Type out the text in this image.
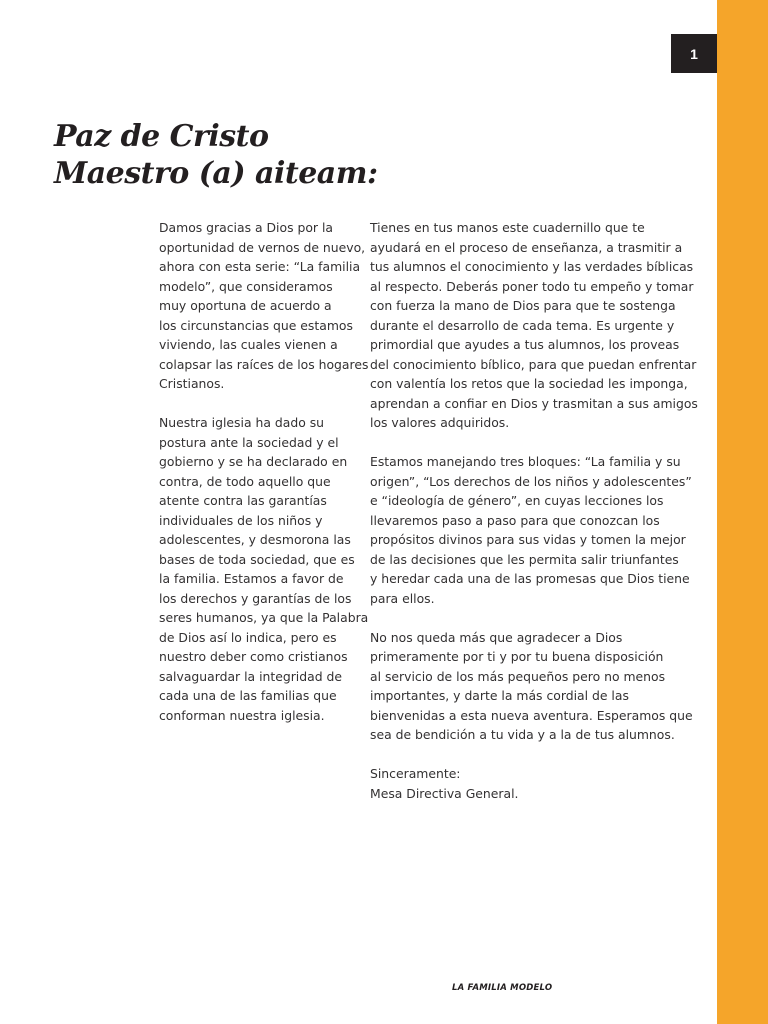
1
Paz de Cristo
Maestro (a) aiteam:

Damos gracias a Dios por la
oportunidad de vernos de nuevo,
ahora con esta serie: “La familia
modelo”, que consideramos
muy oportuna de acuerdo a
los circunstancias que estamos
viviendo, las cuales vienen a
colapsar las raíces de los hogares
Cristianos.

Nuestra iglesia ha dado su
postura ante la sociedad y el
gobierno y se ha declarado en
contra, de todo aquello que
atente contra las garantías
individuales de los niños y
adolescentes, y desmorona las
bases de toda sociedad, que es
la familia. Estamos a favor de
los derechos y garantías de los
seres humanos, ya que la Palabra
de Dios así lo indica, pero es
nuestro deber como cristianos
salvaguardar la integridad de
cada una de las familias que
conforman nuestra iglesia.

Tienes en tus manos este cuadernillo que te
ayudará en el proceso de enseñanza, a trasmitir a
tus alumnos el conocimiento y las verdades bíblicas
al respecto. Deberás poner todo tu empeño y tomar
con fuerza la mano de Dios para que te sostenga
durante el desarrollo de cada tema. Es urgente y
primordial que ayudes a tus alumnos, los proveas
del conocimiento bíblico, para que puedan enfrentar
con valentía los retos que la sociedad les imponga,
aprendan a confiar en Dios y trasmitan a sus amigos
los valores adquiridos.

Estamos manejando tres bloques: “La familia y su
origen”, “Los derechos de los niños y adolescentes”
e “ideología de género”, en cuyas lecciones los
llevaremos paso a paso para que conozcan los
propósitos divinos para sus vidas y tomen la mejor
de las decisiones que les permita salir triunfantes
y heredar cada una de las promesas que Dios tiene
para ellos.

No nos queda más que agradecer a Dios
primeramente por ti y por tu buena disposición
al servicio de los más pequeños pero no menos
importantes, y darte la más cordial de las
bienvenidas a esta nueva aventura. Esperamos que
sea de bendición a tu vida y a la de tus alumnos.

Sinceramente:
Mesa Directiva General.

LA FAMILIA MODELO
